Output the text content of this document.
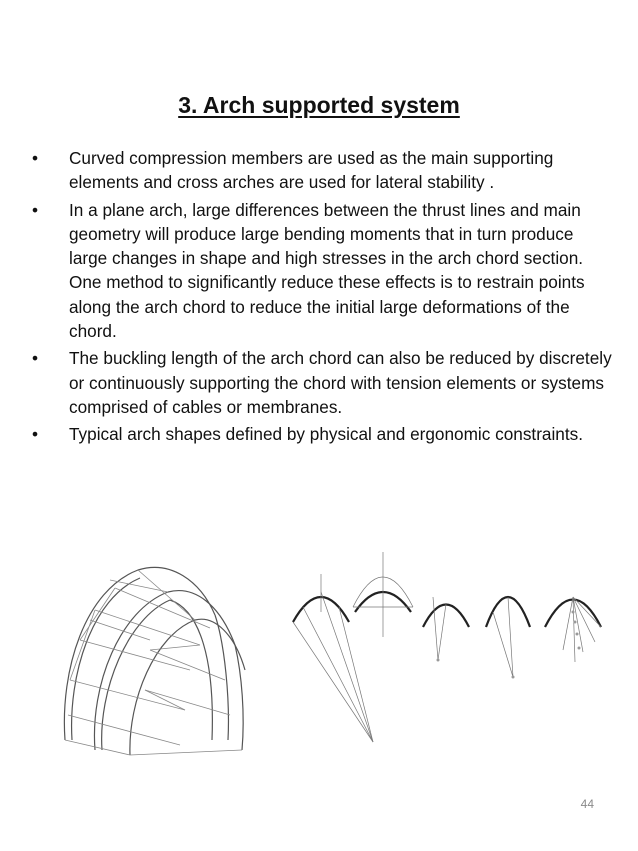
3. Arch supported system
•	Curved compression members are used as the main supporting elements and cross arches are used for lateral stability .
•	In a plane arch, large differences between the thrust lines and main geometry will produce large bending moments that in turn produce large changes in shape and high stresses in the arch chord section. One method to significantly reduce these effects is to restrain points along the arch chord to reduce the initial large deformations of the chord.
•	The buckling length of the arch chord can also be reduced by discretely or continuously supporting the chord with tension elements or systems comprised of cables or membranes.
•	Typical arch shapes defined by physical and ergonomic constraints.
44
